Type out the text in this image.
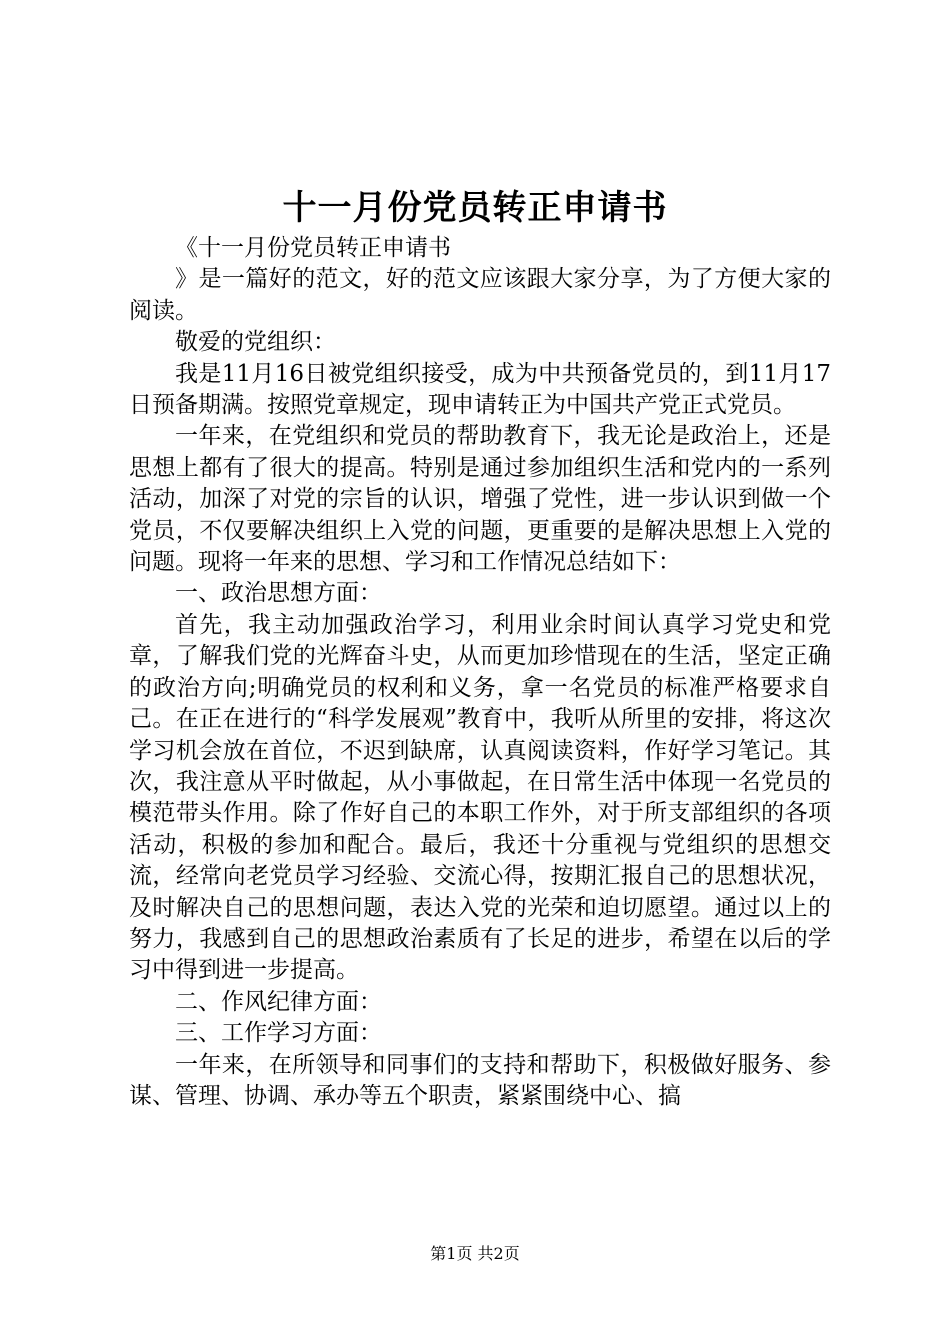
十一月份党员转正申请书

《十一月份党员转正申请书

》是一篇好的范文，好的范文应该跟大家分享，为了方便大家的阅读。

敬爱的党组织：

我是11月16日被党组织接受，成为中共预备党员的，到11月17日预备期满。按照党章规定，现申请转正为中国共产党正式党员。

一年来，在党组织和党员的帮助教育下，我无论是政治上，还是思想上都有了很大的提高。特别是通过参加组织生活和党内的一系列活动，加深了对党的宗旨的认识，增强了党性，进一步认识到做一个党员，不仅要解决组织上入党的问题，更重要的是解决思想上入党的问题。现将一年来的思想、学习和工作情况总结如下：

一、政治思想方面：

首先，我主动加强政治学习，利用业余时间认真学习党史和党章，了解我们党的光辉奋斗史，从而更加珍惜现在的生活，坚定正确的政治方向;明确党员的权利和义务，拿一名党员的标准严格要求自己。在正在进行的“科学发展观”教育中，我听从所里的安排，将这次学习机会放在首位，不迟到缺席，认真阅读资料，作好学习笔记。其次，我注意从平时做起，从小事做起，在日常生活中体现一名党员的模范带头作用。除了作好自己的本职工作外，对于所支部组织的各项活动，积极的参加和配合。最后，我还十分重视与党组织的思想交流，经常向老党员学习经验、交流心得，按期汇报自己的思想状况，及时解决自己的思想问题，表达入党的光荣和迫切愿望。通过以上的努力，我感到自己的思想政治素质有了长足的进步，希望在以后的学习中得到进一步提高。

二、作风纪律方面：

三、工作学习方面：

一年来，在所领导和同事们的支持和帮助下，积极做好服务、参谋、管理、协调、承办等五个职责，紧紧围绕中心、搞

第1页 共2页
